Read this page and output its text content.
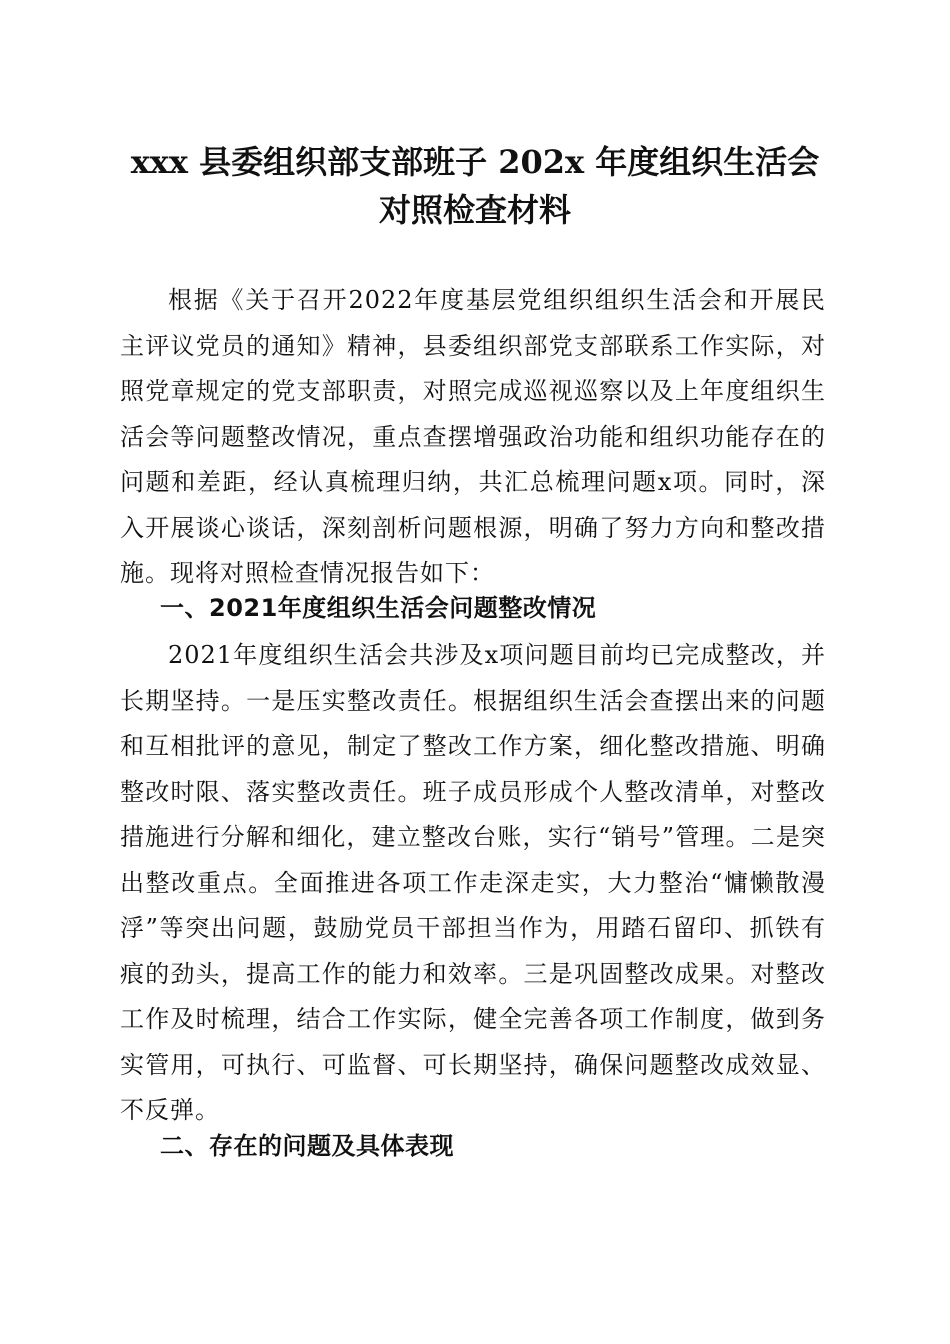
xxx 县委组织部支部班子 202x 年度组织生活会
对照检查材料

根据《关于召开2022年度基层党组织组织生活会和开展民主评议党员的通知》精神，县委组织部党支部联系工作实际，对照党章规定的党支部职责，对照完成巡视巡察以及上年度组织生活会等问题整改情况，重点查摆增强政治功能和组织功能存在的问题和差距，经认真梳理归纳，共汇总梳理问题x项。同时，深入开展谈心谈话，深刻剖析问题根源，明确了努力方向和整改措施。现将对照检查情况报告如下：

一、2021年度组织生活会问题整改情况

2021年度组织生活会共涉及x项问题目前均已完成整改，并长期坚持。一是压实整改责任。根据组织生活会查摆出来的问题和互相批评的意见，制定了整改工作方案，细化整改措施、明确整改时限、落实整改责任。班子成员形成个人整改清单，对整改措施进行分解和细化，建立整改台账，实行“销号”管理。二是突出整改重点。全面推进各项工作走深走实，大力整治“慵懒散漫浮”等突出问题，鼓励党员干部担当作为，用踏石留印、抓铁有痕的劲头，提高工作的能力和效率。三是巩固整改成果。对整改工作及时梳理，结合工作实际，健全完善各项工作制度，做到务实管用，可执行、可监督、可长期坚持，确保问题整改成效显、不反弹。

二、存在的问题及具体表现
